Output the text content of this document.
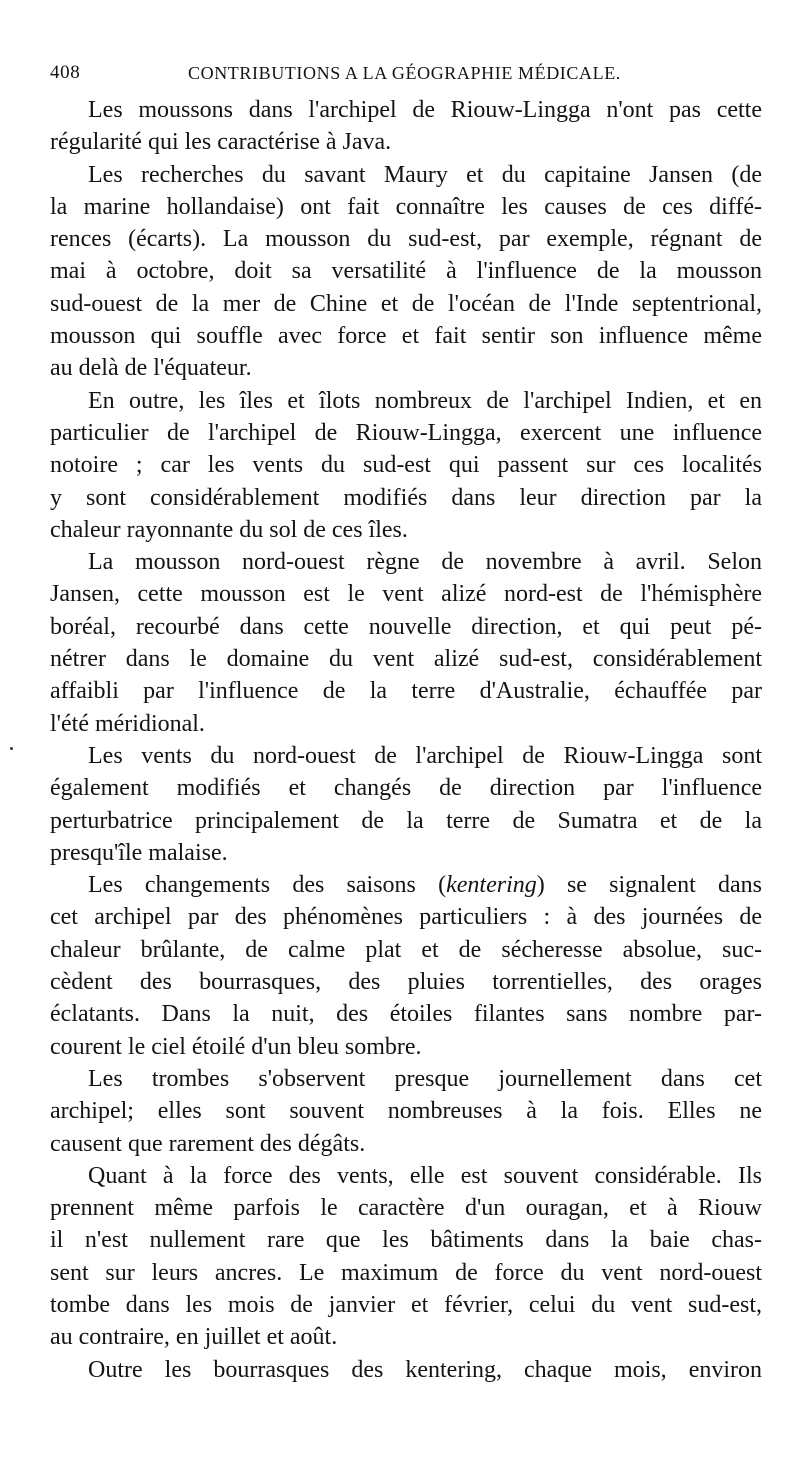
408	CONTRIBUTIONS A LA GÉOGRAPHIE MÉDICALE.
Les moussons dans l'archipel de Riouw-Lingga n'ont pas cette
régularité qui les caractérise à Java.
Les recherches du savant Maury et du capitaine Jansen (de
la marine hollandaise) ont fait connaître les causes de ces diffé-
rences (écarts). La mousson du sud-est, par exemple, régnant de
mai à octobre, doit sa versatilité à l'influence de la mousson
sud-ouest de la mer de Chine et de l'océan de l'Inde septentrional,
mousson qui souffle avec force et fait sentir son influence même
au delà de l'équateur.
En outre, les îles et îlots nombreux de l'archipel Indien, et en
particulier de l'archipel de Riouw-Lingga, exercent une influence
notoire ; car les vents du sud-est qui passent sur ces localités
y sont considérablement modifiés dans leur direction par la
chaleur rayonnante du sol de ces îles.
La mousson nord-ouest règne de novembre à avril. Selon
Jansen, cette mousson est le vent alizé nord-est de l'hémisphère
boréal, recourbé dans cette nouvelle direction, et qui peut pé-
nétrer dans le domaine du vent alizé sud-est, considérablement
affaibli par l'influence de la terre d'Australie, échauffée par
l'été méridional.
Les vents du nord-ouest de l'archipel de Riouw-Lingga sont
également modifiés et changés de direction par l'influence
perturbatrice principalement de la terre de Sumatra et de la
presqu'île malaise.
Les changements des saisons (kentering) se signalent dans
cet archipel par des phénomènes particuliers : à des journées de
chaleur brûlante, de calme plat et de sécheresse absolue, suc-
cèdent des bourrasques, des pluies torrentielles, des orages
éclatants. Dans la nuit, des étoiles filantes sans nombre par-
courent le ciel étoilé d'un bleu sombre.
Les trombes s'observent presque journellement dans cet
archipel; elles sont souvent nombreuses à la fois. Elles ne
causent que rarement des dégâts.
Quant à la force des vents, elle est souvent considérable. Ils
prennent même parfois le caractère d'un ouragan, et à Riouw
il n'est nullement rare que les bâtiments dans la baie chas-
sent sur leurs ancres. Le maximum de force du vent nord-ouest
tombe dans les mois de janvier et février, celui du vent sud-est,
au contraire, en juillet et août.
Outre les bourrasques des kentering, chaque mois, environ
